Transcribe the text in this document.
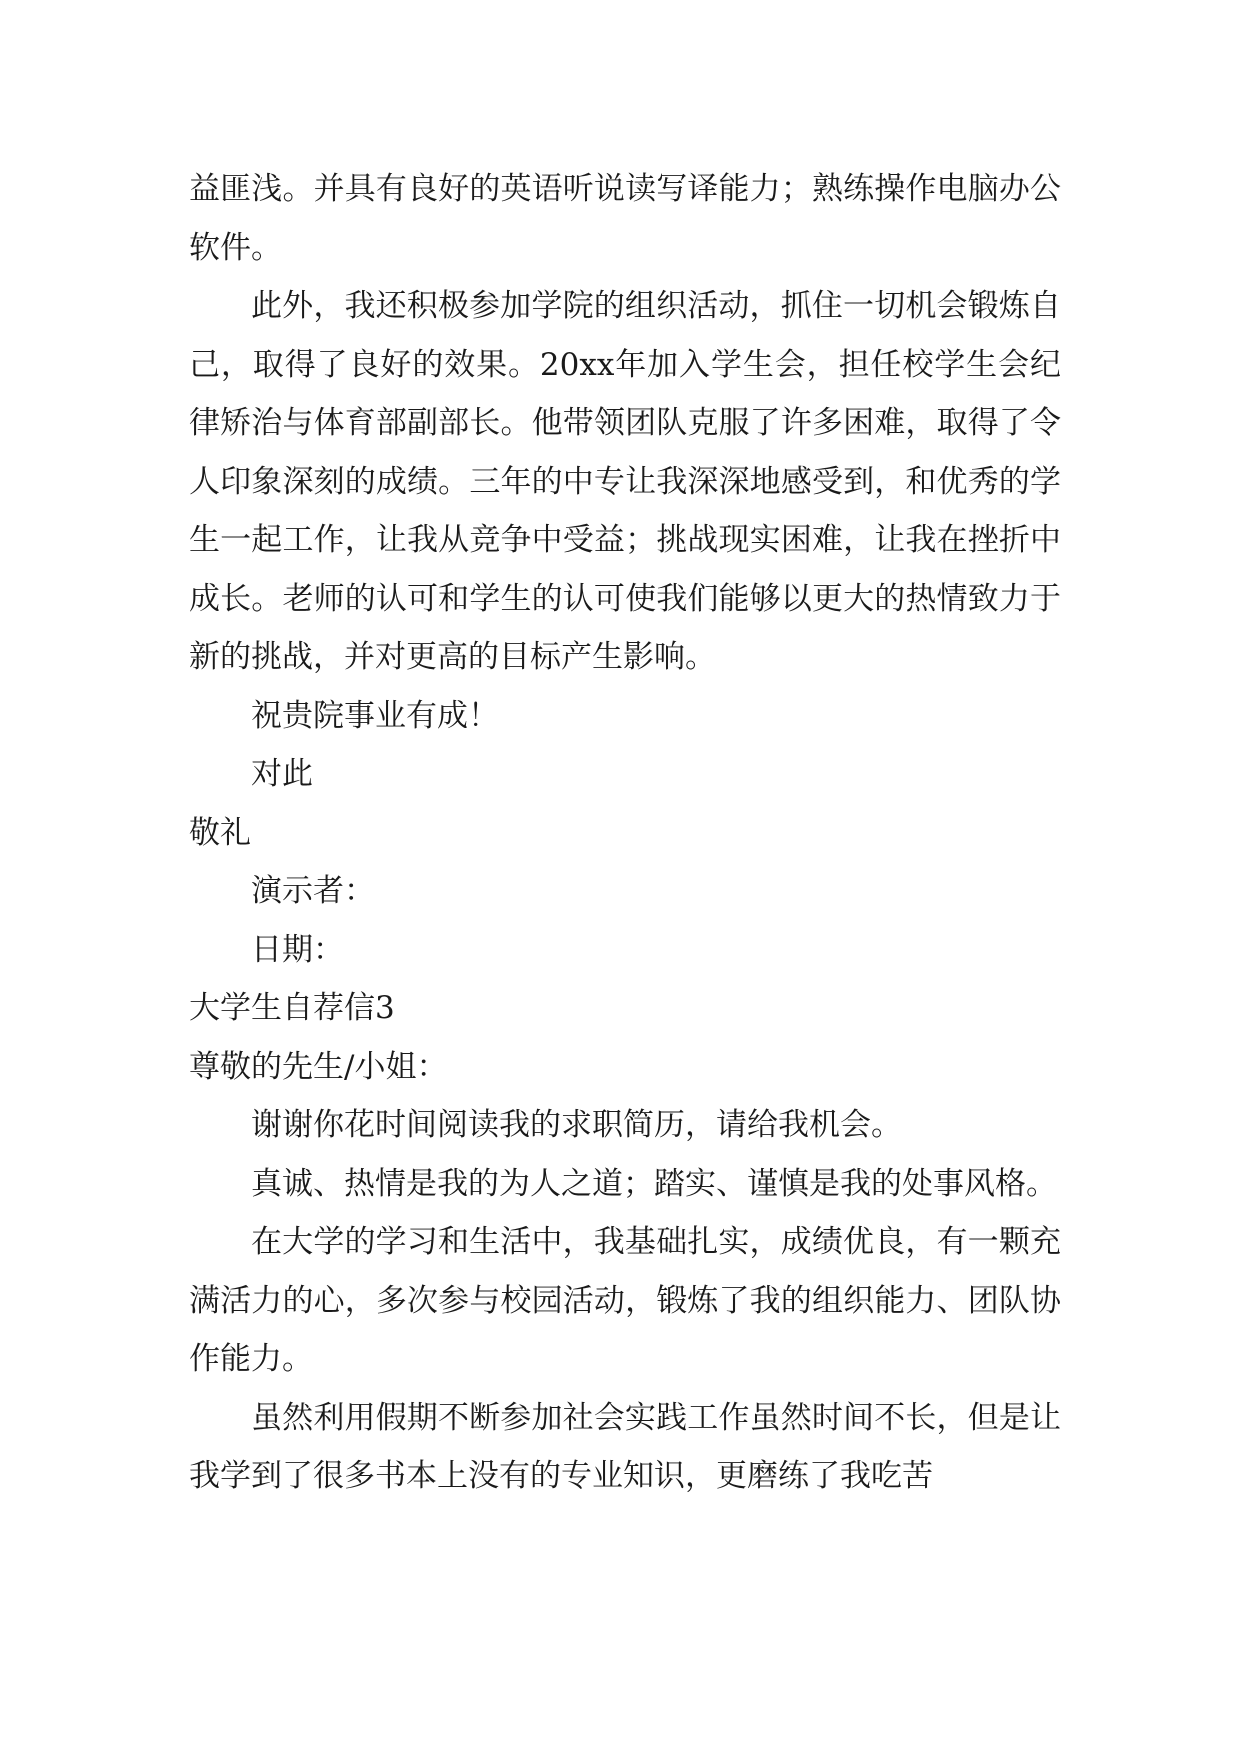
益匪浅。并具有良好的英语听说读写译能力；熟练操作电脑办公软件。

此外，我还积极参加学院的组织活动，抓住一切机会锻炼自己，取得了良好的效果。20xx年加入学生会，担任校学生会纪律矫治与体育部副部长。他带领团队克服了许多困难，取得了令人印象深刻的成绩。三年的中专让我深深地感受到，和优秀的学生一起工作，让我从竞争中受益；挑战现实困难，让我在挫折中成长。老师的认可和学生的认可使我们能够以更大的热情致力于新的挑战，并对更高的目标产生影响。

祝贵院事业有成！

对此

敬礼

演示者：

日期：

大学生自荐信3

尊敬的先生/小姐：

谢谢你花时间阅读我的求职简历，请给我机会。

真诚、热情是我的为人之道；踏实、谨慎是我的处事风格。

在大学的学习和生活中，我基础扎实，成绩优良，有一颗充满活力的心，多次参与校园活动，锻炼了我的组织能力、团队协作能力。

虽然利用假期不断参加社会实践工作虽然时间不长，但是让我学到了很多书本上没有的专业知识，更磨练了我吃苦
